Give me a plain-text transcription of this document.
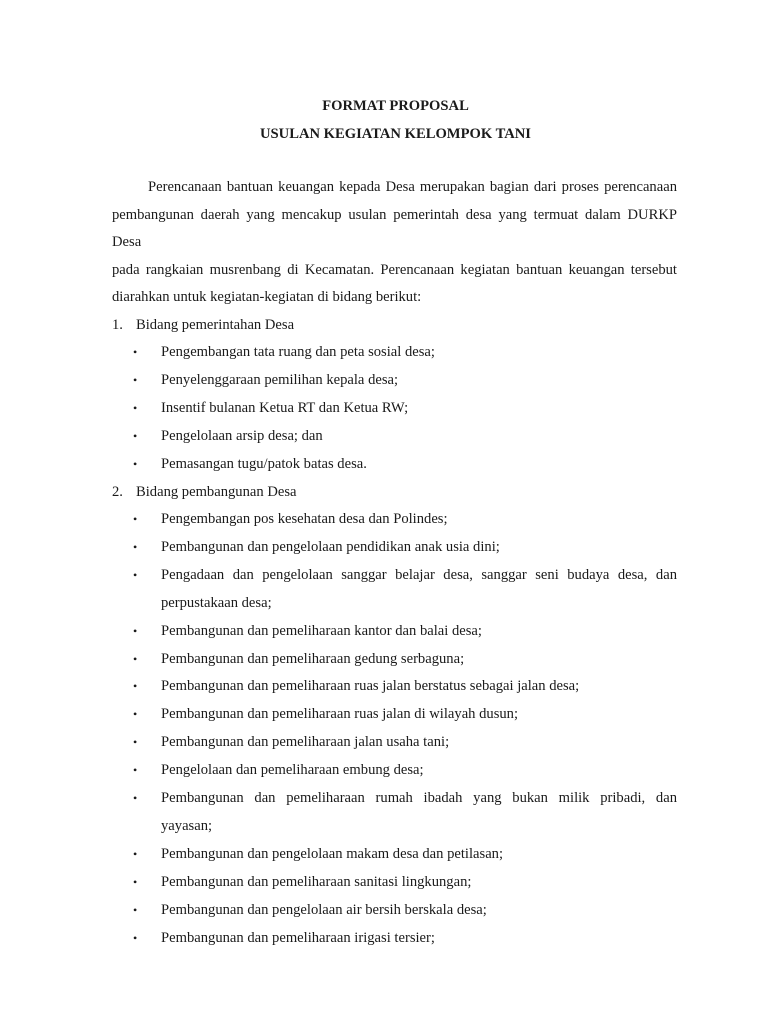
FORMAT PROPOSAL
USULAN KEGIATAN KELOMPOK TANI

Perencanaan bantuan keuangan kepada Desa merupakan bagian dari proses perencanaan
pembangunan daerah yang mencakup usulan pemerintah desa yang termuat dalam DURKP Desa
pada rangkaian musrenbang di Kecamatan. Perencanaan kegiatan bantuan keuangan tersebut
diarahkan untuk kegiatan-kegiatan di bidang berikut:

1. Bidang pemerintahan Desa

• Pengembangan tata ruang dan peta sosial desa;
• Penyelenggaraan pemilihan kepala desa;
• Insentif bulanan Ketua RT dan Ketua RW;
• Pengelolaan arsip desa; dan
• Pemasangan tugu/patok batas desa.

2. Bidang pembangunan Desa

• Pengembangan pos kesehatan desa dan Polindes;
• Pembangunan dan pengelolaan pendidikan anak usia dini;
• Pengadaan dan pengelolaan sanggar belajar desa, sanggar seni budaya desa, dan
perpustakaan desa;
• Pembangunan dan pemeliharaan kantor dan balai desa;
• Pembangunan dan pemeliharaan gedung serbaguna;
• Pembangunan dan pemeliharaan ruas jalan berstatus sebagai jalan desa;
• Pembangunan dan pemeliharaan ruas jalan di wilayah dusun;
• Pembangunan dan pemeliharaan jalan usaha tani;
• Pengelolaan dan pemeliharaan embung desa;
• Pembangunan dan pemeliharaan rumah ibadah yang bukan milik pribadi, dan
yayasan;
• Pembangunan dan pengelolaan makam desa dan petilasan;
• Pembangunan dan pemeliharaan sanitasi lingkungan;
• Pembangunan dan pengelolaan air bersih berskala desa;
• Pembangunan dan pemeliharaan irigasi tersier;
